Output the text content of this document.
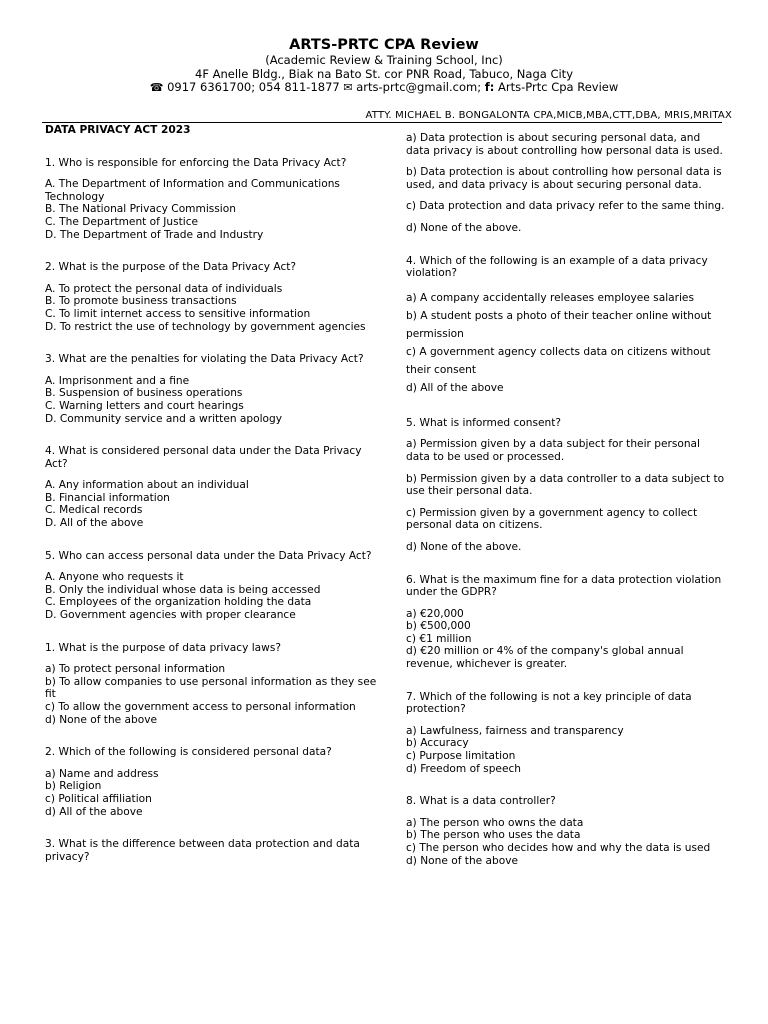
ARTS-PRTC CPA Review
(Academic Review & Training School, Inc)
4F Anelle Bldg., Biak na Bato St. cor PNR Road, Tabuco, Naga City
☎ 0917 6361700; 054 811-1877 ✉ arts-prtc@gmail.com; f: Arts-Prtc Cpa Review
ATTY. MICHAEL B. BONGALONTA CPA,MICB,MBA,CTT,DBA, MRIS,MRITAX
DATA PRIVACY ACT 2023
1. Who is responsible for enforcing the Data Privacy Act?
A. The Department of Information and Communications Technology
B. The National Privacy Commission
C. The Department of Justice
D. The Department of Trade and Industry
2. What is the purpose of the Data Privacy Act?
A. To protect the personal data of individuals
B. To promote business transactions
C. To limit internet access to sensitive information
D. To restrict the use of technology by government agencies
3. What are the penalties for violating the Data Privacy Act?
A. Imprisonment and a fine
B. Suspension of business operations
C. Warning letters and court hearings
D. Community service and a written apology
4. What is considered personal data under the Data Privacy Act?
A. Any information about an individual
B. Financial information
C. Medical records
D. All of the above
5. Who can access personal data under the Data Privacy Act?
A. Anyone who requests it
B. Only the individual whose data is being accessed
C. Employees of the organization holding the data
D. Government agencies with proper clearance
1. What is the purpose of data privacy laws?
a) To protect personal information
b) To allow companies to use personal information as they see fit
c) To allow the government access to personal information
d) None of the above
2. Which of the following is considered personal data?
a) Name and address
b) Religion
c) Political affiliation
d) All of the above
3. What is the difference between data protection and data privacy?
a) Data protection is about securing personal data, and data privacy is about controlling how personal data is used.
b) Data protection is about controlling how personal data is used, and data privacy is about securing personal data.
c) Data protection and data privacy refer to the same thing.
d) None of the above.
4. Which of the following is an example of a data privacy violation?
a) A company accidentally releases employee salaries
b) A student posts a photo of their teacher online without permission
c) A government agency collects data on citizens without their consent
d) All of the above
5. What is informed consent?
a) Permission given by a data subject for their personal data to be used or processed.
b) Permission given by a data controller to a data subject to use their personal data.
c) Permission given by a government agency to collect personal data on citizens.
d) None of the above.
6. What is the maximum fine for a data protection violation under the GDPR?
a) €20,000
b) €500,000
c) €1 million
d) €20 million or 4% of the company's global annual revenue, whichever is greater.
7. Which of the following is not a key principle of data protection?
a) Lawfulness, fairness and transparency
b) Accuracy
c) Purpose limitation
d) Freedom of speech
8. What is a data controller?
a) The person who owns the data
b) The person who uses the data
c) The person who decides how and why the data is used
d) None of the above
